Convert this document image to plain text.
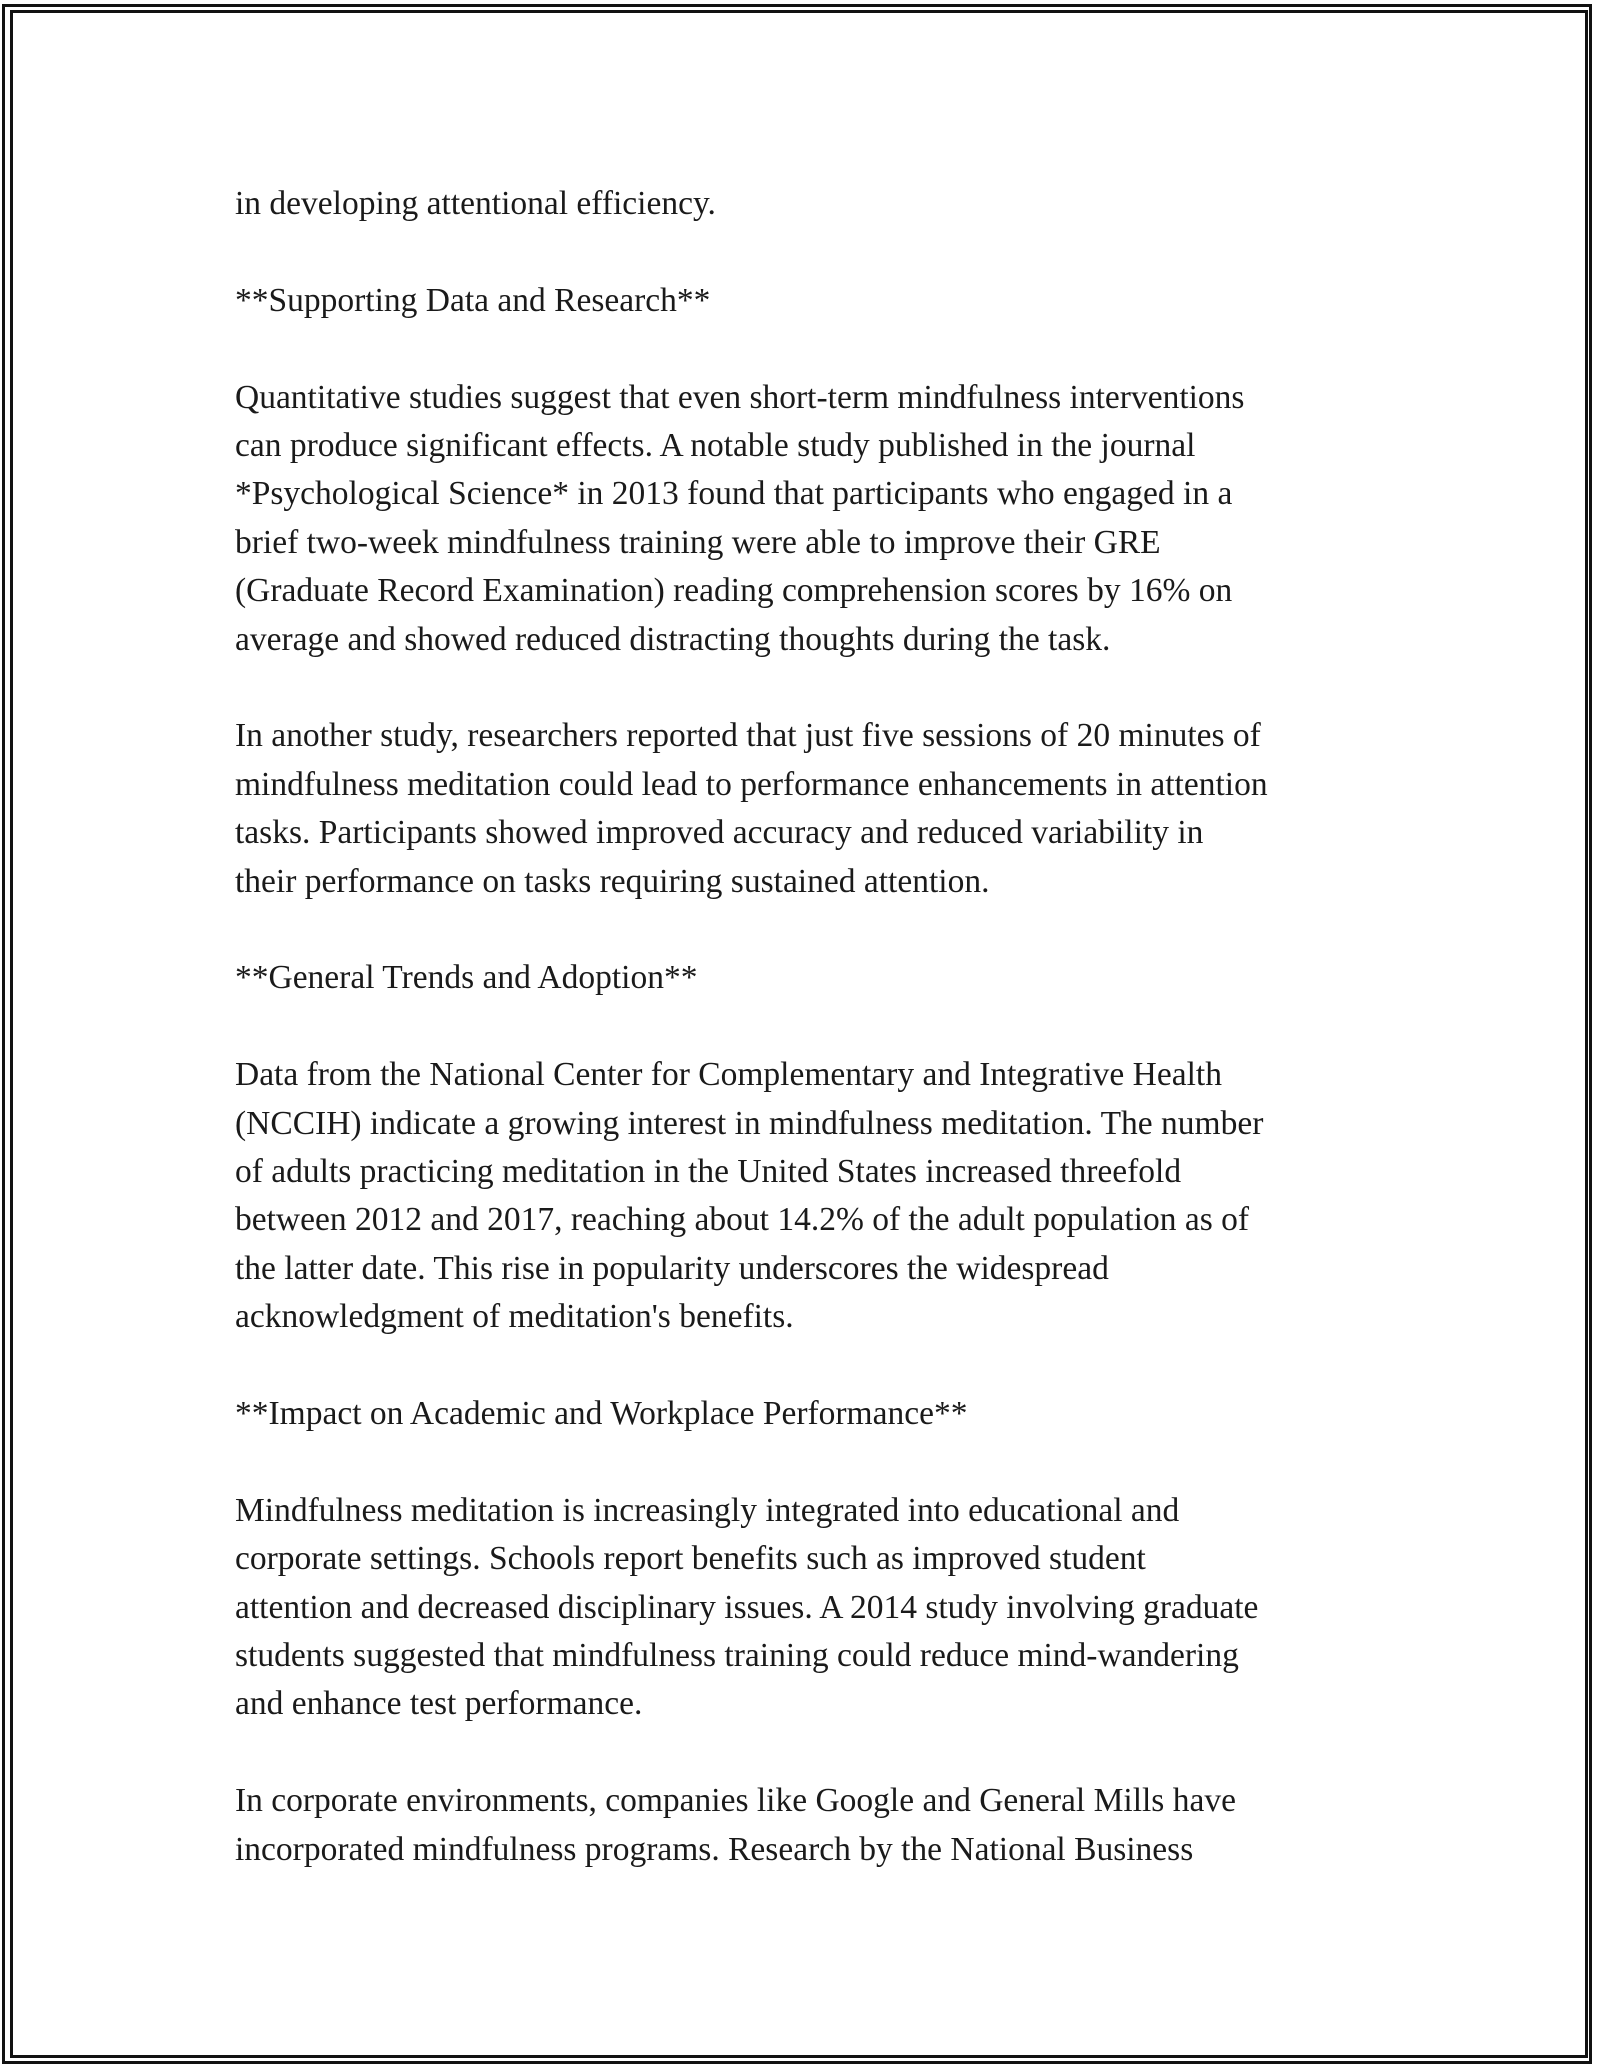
in developing attentional efficiency.

**Supporting Data and Research**

Quantitative studies suggest that even short-term mindfulness interventions
can produce significant effects. A notable study published in the journal
*Psychological Science* in 2013 found that participants who engaged in a
brief two-week mindfulness training were able to improve their GRE
(Graduate Record Examination) reading comprehension scores by 16% on
average and showed reduced distracting thoughts during the task.

In another study, researchers reported that just five sessions of 20 minutes of
mindfulness meditation could lead to performance enhancements in attention
tasks. Participants showed improved accuracy and reduced variability in
their performance on tasks requiring sustained attention.

**General Trends and Adoption**

Data from the National Center for Complementary and Integrative Health
(NCCIH) indicate a growing interest in mindfulness meditation. The number
of adults practicing meditation in the United States increased threefold
between 2012 and 2017, reaching about 14.2% of the adult population as of
the latter date. This rise in popularity underscores the widespread
acknowledgment of meditation's benefits.

**Impact on Academic and Workplace Performance**

Mindfulness meditation is increasingly integrated into educational and
corporate settings. Schools report benefits such as improved student
attention and decreased disciplinary issues. A 2014 study involving graduate
students suggested that mindfulness training could reduce mind-wandering
and enhance test performance.

In corporate environments, companies like Google and General Mills have
incorporated mindfulness programs. Research by the National Business
